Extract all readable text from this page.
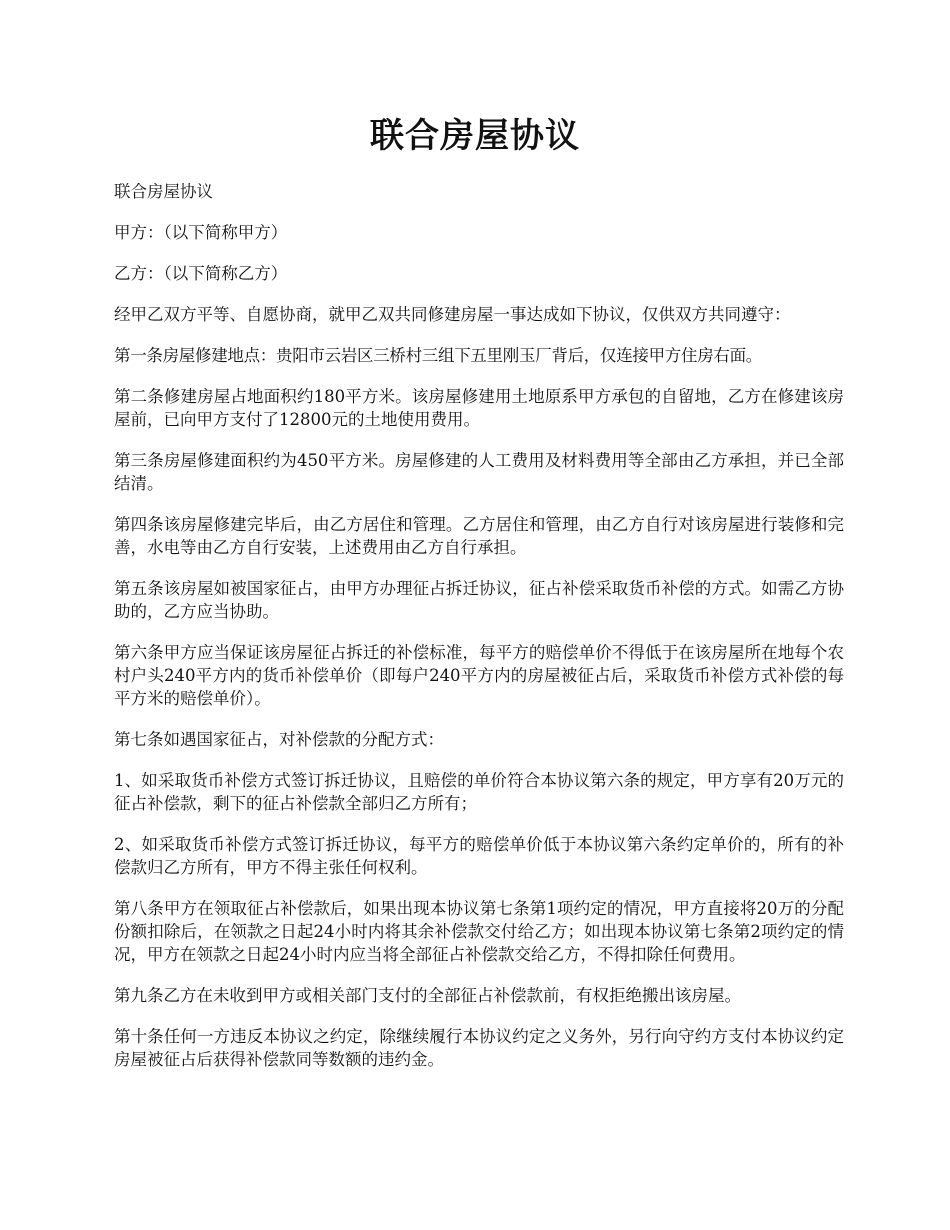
联合房屋协议

联合房屋协议

甲方：（以下简称甲方）

乙方：（以下简称乙方）

经甲乙双方平等、自愿协商，就甲乙双共同修建房屋一事达成如下协议，仅供双方共同遵守：

第一条房屋修建地点：贵阳市云岩区三桥村三组下五里刚玉厂背后，仅连接甲方住房右面。

第二条修建房屋占地面积约180平方米。该房屋修建用土地原系甲方承包的自留地，乙方在修建该房屋前，已向甲方支付了12800元的土地使用费用。

第三条房屋修建面积约为450平方米。房屋修建的人工费用及材料费用等全部由乙方承担，并已全部结清。

第四条该房屋修建完毕后，由乙方居住和管理。乙方居住和管理，由乙方自行对该房屋进行装修和完善，水电等由乙方自行安装，上述费用由乙方自行承担。

第五条该房屋如被国家征占，由甲方办理征占拆迁协议，征占补偿采取货币补偿的方式。如需乙方协助的，乙方应当协助。

第六条甲方应当保证该房屋征占拆迁的补偿标准，每平方的赔偿单价不得低于在该房屋所在地每个农村户头240平方内的货币补偿单价（即每户240平方内的房屋被征占后，采取货币补偿方式补偿的每平方米的赔偿单价）。

第七条如遇国家征占，对补偿款的分配方式：

1、如采取货币补偿方式签订拆迁协议，且赔偿的单价符合本协议第六条的规定，甲方享有20万元的征占补偿款，剩下的征占补偿款全部归乙方所有；

2、如采取货币补偿方式签订拆迁协议，每平方的赔偿单价低于本协议第六条约定单价的，所有的补偿款归乙方所有，甲方不得主张任何权利。

第八条甲方在领取征占补偿款后，如果出现本协议第七条第1项约定的情况，甲方直接将20万的分配份额扣除后，在领款之日起24小时内将其余补偿款交付给乙方；如出现本协议第七条第2项约定的情况，甲方在领款之日起24小时内应当将全部征占补偿款交给乙方，不得扣除任何费用。

第九条乙方在未收到甲方或相关部门支付的全部征占补偿款前，有权拒绝搬出该房屋。

第十条任何一方违反本协议之约定，除继续履行本协议约定之义务外，另行向守约方支付本协议约定房屋被征占后获得补偿款同等数额的违约金。
